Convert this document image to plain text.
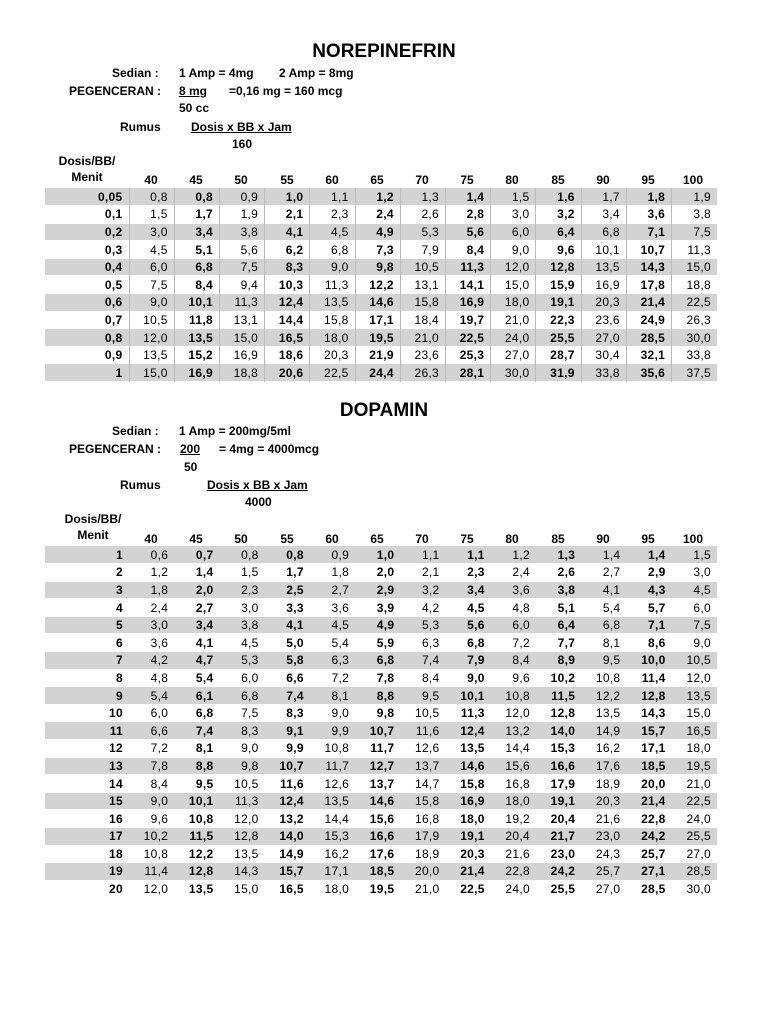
NOREPINEFRIN
Sedian : 1 Amp = 4mg 2 Amp = 8mg
PEGENCERAN : 8 mg =0,16 mg = 160 mcg
50 cc
Rumus	Dosis x BB x Jam
160
Dosis/BB/
Menit	40	45	50	55	60	65	70	75	80	85	90	95	100
0,05	0,8	0,8	0,9	1,0	1,1	1,2	1,3	1,4	1,5	1,6	1,7	1,8	1,9
0,1	1,5	1,7	1,9	2,1	2,3	2,4	2,6	2,8	3,0	3,2	3,4	3,6	3,8
0,2	3,0	3,4	3,8	4,1	4,5	4,9	5,3	5,6	6,0	6,4	6,8	7,1	7,5
0,3	4,5	5,1	5,6	6,2	6,8	7,3	7,9	8,4	9,0	9,6	10,1	10,7	11,3
0,4	6,0	6,8	7,5	8,3	9,0	9,8	10,5	11,3	12,0	12,8	13,5	14,3	15,0
0,5	7,5	8,4	9,4	10,3	11,3	12,2	13,1	14,1	15,0	15,9	16,9	17,8	18,8
0,6	9,0	10,1	11,3	12,4	13,5	14,6	15,8	16,9	18,0	19,1	20,3	21,4	22,5
0,7	10,5	11,8	13,1	14,4	15,8	17,1	18,4	19,7	21,0	22,3	23,6	24,9	26,3
0,8	12,0	13,5	15,0	16,5	18,0	19,5	21,0	22,5	24,0	25,5	27,0	28,5	30,0
0,9	13,5	15,2	16,9	18,6	20,3	21,9	23,6	25,3	27,0	28,7	30,4	32,1	33,8
1	15,0	16,9	18,8	20,6	22,5	24,4	26,3	28,1	30,0	31,9	33,8	35,6	37,5
DOPAMIN
Sedian : 1 Amp = 200mg/5ml
PEGENCERAN : 200 = 4mg = 4000mcg
50
Rumus	Dosis x BB x Jam
4000
Dosis/BB/
Menit	40	45	50	55	60	65	70	75	80	85	90	95	100
1	0,6	0,7	0,8	0,8	0,9	1,0	1,1	1,1	1,2	1,3	1,4	1,4	1,5
2	1,2	1,4	1,5	1,7	1,8	2,0	2,1	2,3	2,4	2,6	2,7	2,9	3,0
3	1,8	2,0	2,3	2,5	2,7	2,9	3,2	3,4	3,6	3,8	4,1	4,3	4,5
4	2,4	2,7	3,0	3,3	3,6	3,9	4,2	4,5	4,8	5,1	5,4	5,7	6,0
5	3,0	3,4	3,8	4,1	4,5	4,9	5,3	5,6	6,0	6,4	6,8	7,1	7,5
6	3,6	4,1	4,5	5,0	5,4	5,9	6,3	6,8	7,2	7,7	8,1	8,6	9,0
7	4,2	4,7	5,3	5,8	6,3	6,8	7,4	7,9	8,4	8,9	9,5	10,0	10,5
8	4,8	5,4	6,0	6,6	7,2	7,8	8,4	9,0	9,6	10,2	10,8	11,4	12,0
9	5,4	6,1	6,8	7,4	8,1	8,8	9,5	10,1	10,8	11,5	12,2	12,8	13,5
10	6,0	6,8	7,5	8,3	9,0	9,8	10,5	11,3	12,0	12,8	13,5	14,3	15,0
11	6,6	7,4	8,3	9,1	9,9	10,7	11,6	12,4	13,2	14,0	14,9	15,7	16,5
12	7,2	8,1	9,0	9,9	10,8	11,7	12,6	13,5	14,4	15,3	16,2	17,1	18,0
13	7,8	8,8	9,8	10,7	11,7	12,7	13,7	14,6	15,6	16,6	17,6	18,5	19,5
14	8,4	9,5	10,5	11,6	12,6	13,7	14,7	15,8	16,8	17,9	18,9	20,0	21,0
15	9,0	10,1	11,3	12,4	13,5	14,6	15,8	16,9	18,0	19,1	20,3	21,4	22,5
16	9,6	10,8	12,0	13,2	14,4	15,6	16,8	18,0	19,2	20,4	21,6	22,8	24,0
17	10,2	11,5	12,8	14,0	15,3	16,6	17,9	19,1	20,4	21,7	23,0	24,2	25,5
18	10,8	12,2	13,5	14,9	16,2	17,6	18,9	20,3	21,6	23,0	24,3	25,7	27,0
19	11,4	12,8	14,3	15,7	17,1	18,5	20,0	21,4	22,8	24,2	25,7	27,1	28,5
20	12,0	13,5	15,0	16,5	18,0	19,5	21,0	22,5	24,0	25,5	27,0	28,5	30,0
